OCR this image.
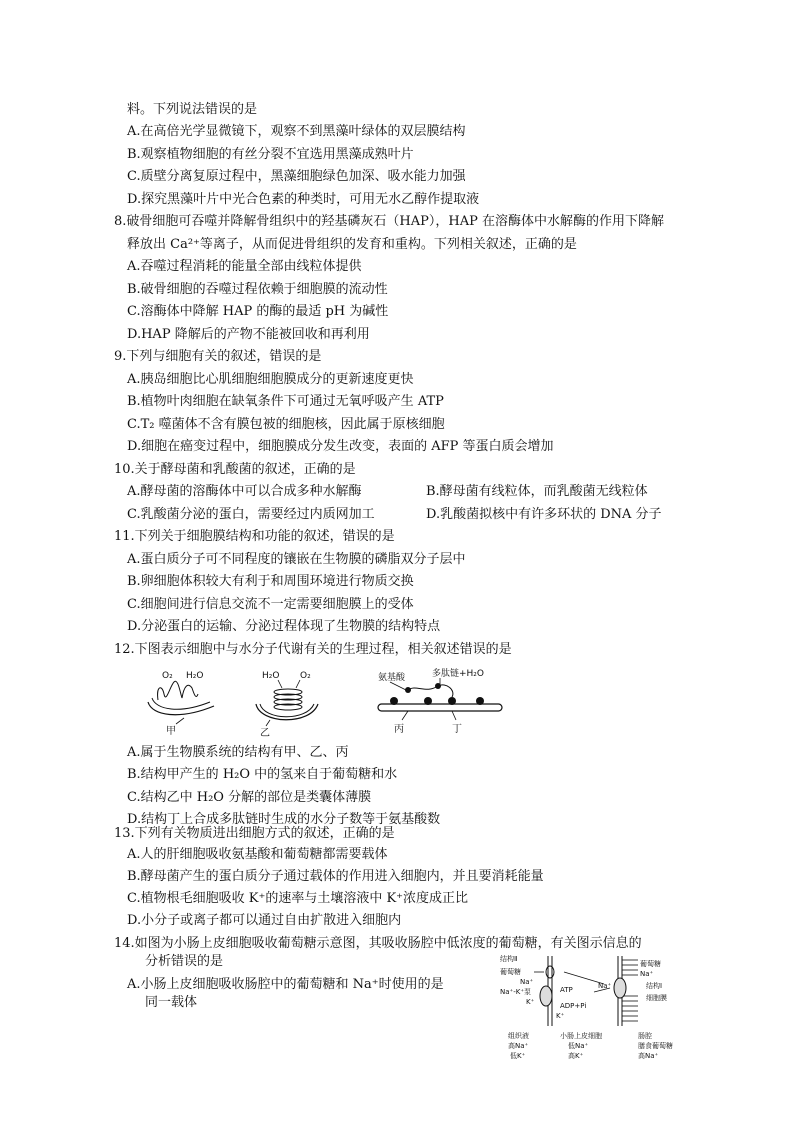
料。下列说法错误的是
A.在高倍光学显微镜下，观察不到黑藻叶绿体的双层膜结构
B.观察植物细胞的有丝分裂不宜选用黑藻成熟叶片
C.质壁分离复原过程中，黑藻细胞绿色加深、吸水能力加强
D.探究黑藻叶片中光合色素的种类时，可用无水乙醇作提取液
8.破骨细胞可吞噬并降解骨组织中的羟基磷灰石（HAP），HAP 在溶酶体中水解酶的作用下降解
释放出 Ca²⁺等离子，从而促进骨组织的发育和重构。下列相关叙述，正确的是
A.吞噬过程消耗的能量全部由线粒体提供
B.破骨细胞的吞噬过程依赖于细胞膜的流动性
C.溶酶体中降解 HAP 的酶的最适 pH 为碱性
D.HAP 降解后的产物不能被回收和再利用
9.下列与细胞有关的叙述，错误的是
A.胰岛细胞比心肌细胞细胞膜成分的更新速度更快
B.植物叶肉细胞在缺氧条件下可通过无氧呼吸产生 ATP
C.T₂ 噬菌体不含有膜包被的细胞核，因此属于原核细胞
D.细胞在癌变过程中，细胞膜成分发生改变，表面的 AFP 等蛋白质会增加
10.关于酵母菌和乳酸菌的叙述，正确的是
A.酵母菌的溶酶体中可以合成多种水解酶	B.酵母菌有线粒体，而乳酸菌无线粒体
C.乳酸菌分泌的蛋白，需要经过内质网加工	D.乳酸菌拟核中有许多环状的 DNA 分子
11.下列关于细胞膜结构和功能的叙述，错误的是
A.蛋白质分子可不同程度的镶嵌在生物膜的磷脂双分子层中
B.卵细胞体积较大有利于和周围环境进行物质交换
C.细胞间进行信息交流不一定需要细胞膜上的受体
D.分泌蛋白的运输、分泌过程体现了生物膜的结构特点
12.下图表示细胞中与水分子代谢有关的生理过程，相关叙述错误的是
O₂ H₂O
甲
H₂O O₂
乙
氨基酸	多肽链+H₂O
丙	丁
A.属于生物膜系统的结构有甲、乙、丙
B.结构甲产生的 H₂O 中的氢来自于葡萄糖和水
C.结构乙中 H₂O 分解的部位是类囊体薄膜
D.结构丁上合成多肽链时生成的水分子数等于氨基酸数
13.下列有关物质进出细胞方式的叙述，正确的是
A.人的肝细胞吸收氨基酸和葡萄糖都需要载体
B.酵母菌产生的蛋白质分子通过载体的作用进入细胞内，并且要消耗能量
C.植物根毛细胞吸收 K⁺的速率与土壤溶液中 K⁺浓度成正比
D.小分子或离子都可以通过自由扩散进入细胞内
14.如图为小肠上皮细胞吸收葡萄糖示意图，其吸收肠腔中低浓度的葡萄糖，有关图示信息的
分析错误的是
A.小肠上皮细胞吸收肠腔中的葡萄糖和 Na⁺时使用的是
同一载体
结构Ⅱ
葡萄糖
Na⁺
Na⁺-K⁺泵
K⁺
ATP
ADP+Pi
K⁺
Na⁺
葡萄糖
Na⁺
结构Ⅰ
细胞膜
组织液
高Na⁺
低K⁺
小肠上皮细胞
低Na⁺
高K⁺
肠腔
膳食葡萄糖
高Na⁺
